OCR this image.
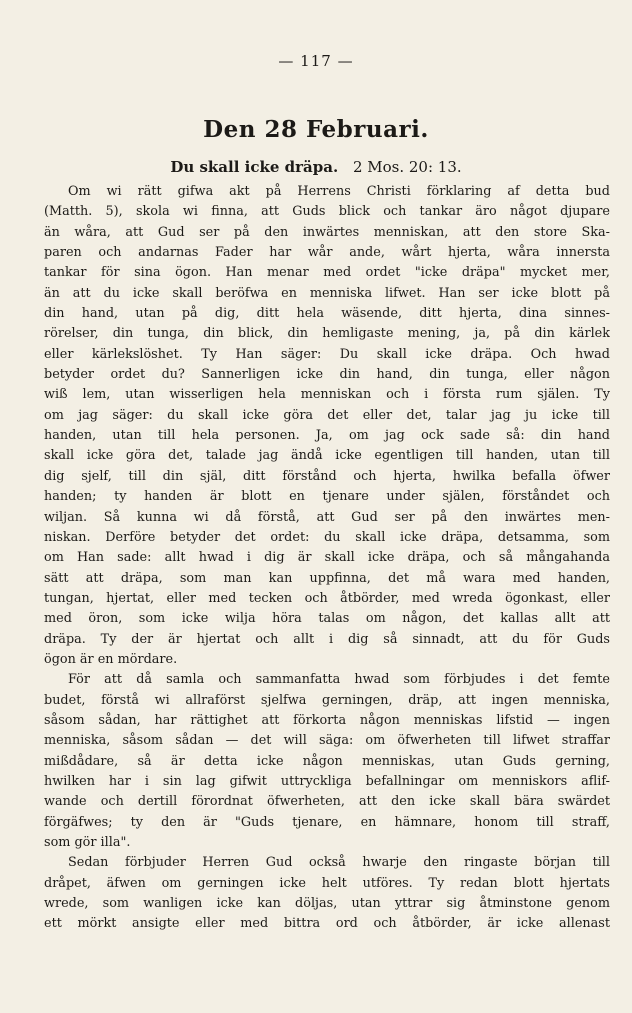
— 117 —
Den 28 Februari.
Du skall icke dräpa. 2 Mos. 20: 13.
Om wi rätt gifwa akt på Herrens Christi förklaring af detta bud
(Matth. 5), skola wi finna, att Guds blick och tankar äro något djupare
än wåra, att Gud ser på den inwärtes menniskan, att den store Ska-
paren och andarnas Fader har wår ande, wårt hjerta, wåra innersta
tankar för sina ögon. Han menar med ordet "icke dräpa" mycket mer,
än att du icke skall beröfwa en menniska lifwet. Han ser icke blott på
din hand, utan på dig, ditt hela wäsende, ditt hjerta, dina sinnes-
rörelser, din tunga, din blick, din hemligaste mening, ja, på din kärlek
eller kärlekslöshet. Ty Han säger: Du skall icke dräpa. Och hwad
betyder ordet du? Sannerligen icke din hand, din tunga, eller någon
wiß lem, utan wisserligen hela menniskan och i första rum själen. Ty
om jag säger: du skall icke göra det eller det, talar jag ju icke till
handen, utan till hela personen. Ja, om jag ock sade så: din hand
skall icke göra det, talade jag ändå icke egentligen till handen, utan till
dig sjelf, till din själ, ditt förstånd och hjerta, hwilka befalla öfwer
handen; ty handen är blott en tjenare under själen, förståndet och
wiljan. Så kunna wi då förstå, att Gud ser på den inwärtes men-
niskan. Derföre betyder det ordet: du skall icke dräpa, detsamma, som
om Han sade: allt hwad i dig är skall icke dräpa, och så mångahanda
sätt att dräpa, som man kan uppfinna, det må wara med handen,
tungan, hjertat, eller med tecken och åtbörder, med wreda ögonkast, eller
med öron, som icke wilja höra talas om någon, det kallas allt att
dräpa. Ty der är hjertat och allt i dig så sinnadt, att du för Guds
ögon är en mördare.
För att då samla och sammanfatta hwad som förbjudes i det femte
budet, förstå wi allraförst sjelfwa gerningen, dräp, att ingen menniska,
såsom sådan, har rättighet att förkorta någon menniskas lifstid — ingen
menniska, såsom sådan — det will säga: om öfwerheten till lifwet straffar
mißdådare, så är detta icke någon menniskas, utan Guds gerning,
hwilken har i sin lag gifwit uttryckliga befallningar om menniskors aflif-
wande och dertill förordnat öfwerheten, att den icke skall bära swärdet
förgäfwes; ty den är "Guds tjenare, en hämnare, honom till straff,
som gör illa".
Sedan förbjuder Herren Gud också hwarje den ringaste början till
dråpet, äfwen om gerningen icke helt utföres. Ty redan blott hjertats
wrede, som wanligen icke kan döljas, utan yttrar sig åtminstone genom
ett mörkt ansigte eller med bittra ord och åtbörder, är icke allenast
